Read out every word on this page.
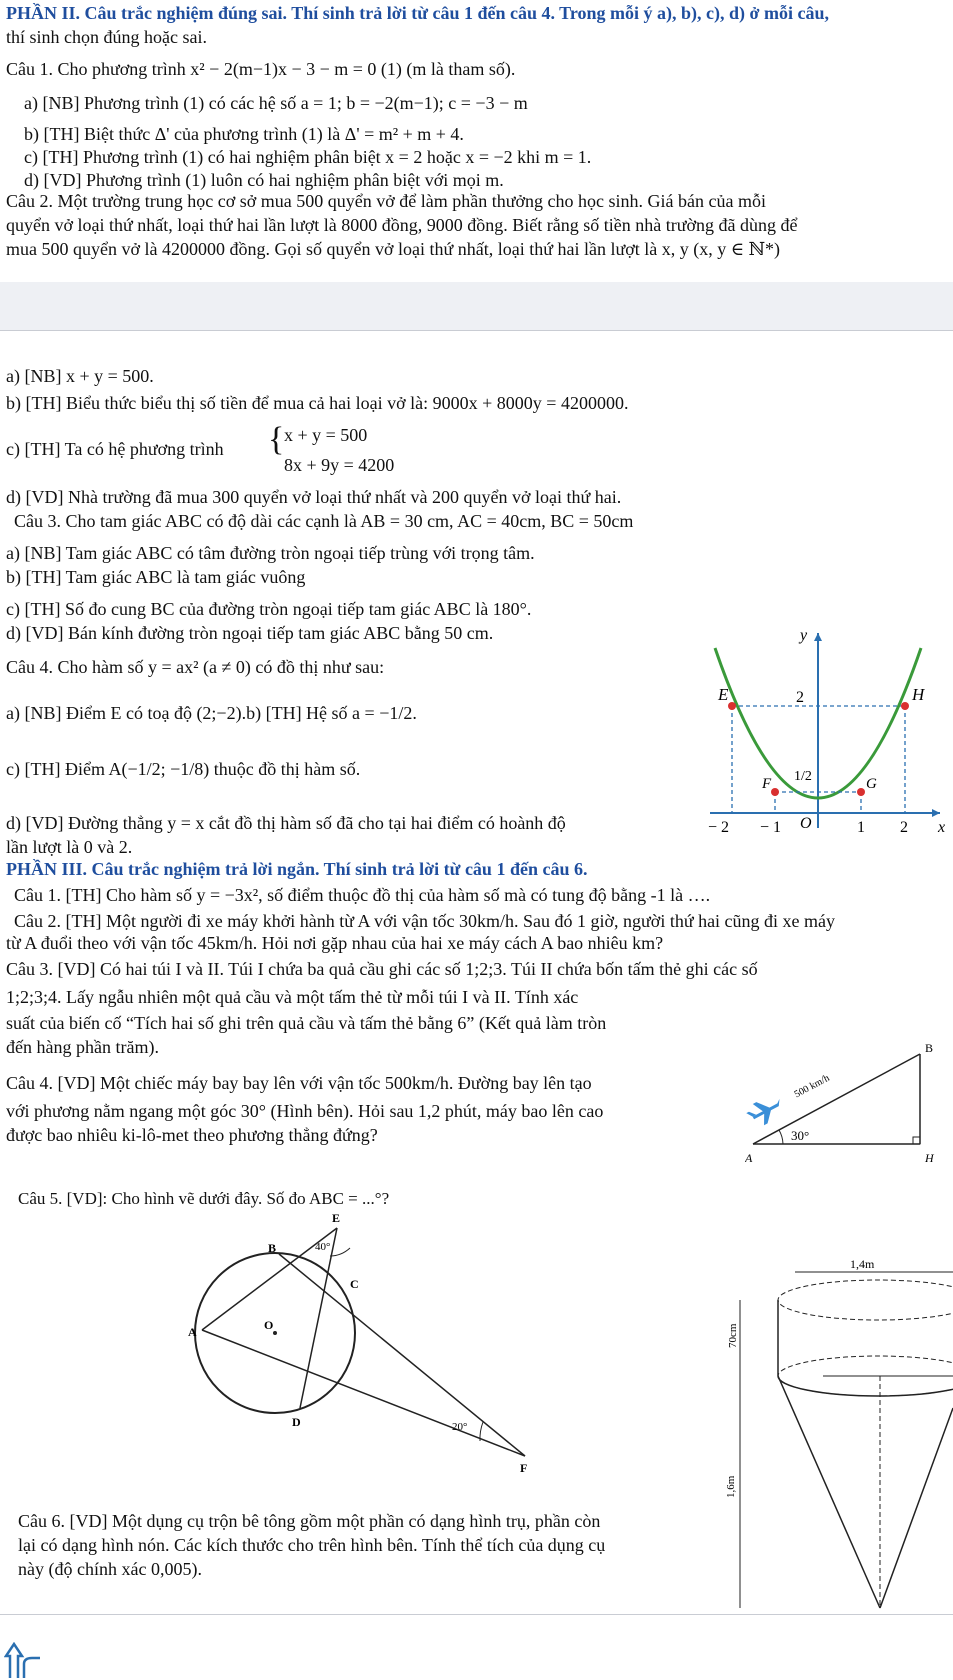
PHẦN II. Câu trắc nghiệm đúng sai. Thí sinh trả lời từ câu 1 đến câu 4. Trong mỗi ý a), b), c), d) ở mỗi câu,
thí sinh chọn đúng hoặc sai.
Câu 1. Cho phương trình x² − 2(m−1)x − 3 − m = 0 (1) (m là tham số).
a) [NB] Phương trình (1) có các hệ số a = 1; b = −2(m−1); c = −3 − m
b) [TH] Biệt thức Δ' của phương trình (1) là Δ' = m² + m + 4.
c) [TH] Phương trình (1) có hai nghiệm phân biệt x = 2 hoặc x = −2 khi m = 1.
d) [VD] Phương trình (1) luôn có hai nghiệm phân biệt với mọi m.
Câu 2. Một trường trung học cơ sở mua 500 quyển vở để làm phần thưởng cho học sinh. Giá bán của mỗi
quyển vở loại thứ nhất, loại thứ hai lần lượt là 8000 đồng, 9000 đồng. Biết rằng số tiền nhà trường đã dùng để
mua 500 quyển vở là 4200000 đồng. Gọi số quyển vở loại thứ nhất, loại thứ hai lần lượt là x, y (x, y ∈ ℕ*)
a) [NB] x + y = 500.
b) [TH] Biểu thức biểu thị số tiền để mua cả hai loại vở là: 9000x + 8000y = 4200000.
c) [TH] Ta có hệ phương trình { x + y = 500
8x + 9y = 4200
d) [VD] Nhà trường đã mua 300 quyển vở loại thứ nhất và 200 quyển vở loại thứ hai.
Câu 3. Cho tam giác ABC có độ dài các cạnh là AB = 30 cm, AC = 40cm, BC = 50cm
a) [NB] Tam giác ABC có tâm đường tròn ngoại tiếp trùng với trọng tâm.
b) [TH] Tam giác ABC là tam giác vuông
c) [TH] Số đo cung BC của đường tròn ngoại tiếp tam giác ABC là 180°.
d) [VD] Bán kính đường tròn ngoại tiếp tam giác ABC bằng 50 cm.
Câu 4. Cho hàm số y = ax² (a ≠ 0) có đồ thị như sau:
a) [NB] Điểm E có toạ độ (2;−2).b) [TH] Hệ số a = −1/2.
c) [TH] Điểm A(−1/2; −1/8) thuộc đồ thị hàm số.
d) [VD] Đường thẳng y = x cắt đồ thị hàm số đã cho tại hai điểm có hoành độ
lần lượt là 0 và 2.
y
x
E	H
F	G
2
1/2
− 2 − 1 O	1 2
PHẦN III. Câu trắc nghiệm trả lời ngắn. Thí sinh trả lời từ câu 1 đến câu 6.
Câu 1. [TH] Cho hàm số y = −3x², số điểm thuộc đồ thị của hàm số mà có tung độ bằng -1 là ….
Câu 2. [TH] Một người đi xe máy khởi hành từ A với vận tốc 30km/h. Sau đó 1 giờ, người thứ hai cũng đi xe máy
từ A đuổi theo với vận tốc 45km/h. Hỏi nơi gặp nhau của hai xe máy cách A bao nhiêu km?
Câu 3. [VD] Có hai túi I và II. Túi I chứa ba quả cầu ghi các số 1;2;3. Túi II chứa bốn tấm thẻ ghi các số
1;2;3;4. Lấy ngẫu nhiên một quả cầu và một tấm thẻ từ mỗi túi I và II. Tính xác
suất của biến cố “Tích hai số ghi trên quả cầu và tấm thẻ bằng 6” (Kết quả làm tròn
đến hàng phần trăm).
Câu 4. [VD] Một chiếc máy bay bay lên với vận tốc 500km/h. Đường bay lên tạo
với phương nằm ngang một góc 30° (Hình bên). Hỏi sau 1,2 phút, máy bao lên cao
được bao nhiêu ki-lô-met theo phương thẳng đứng?
B
A	H
30°
500 km/h
Câu 5. [VD]: Cho hình vẽ dưới đây. Số đo ABC = ...°?
E
B
C
O
A
D
F
40°
20°
Câu 6. [VD] Một dụng cụ trộn bê tông gồm một phần có dạng hình trụ, phần còn
lại có dạng hình nón. Các kích thước cho trên hình bên. Tính thể tích của dụng cụ
này (độ chính xác 0,005).
1,4m
70cm
1,6m
